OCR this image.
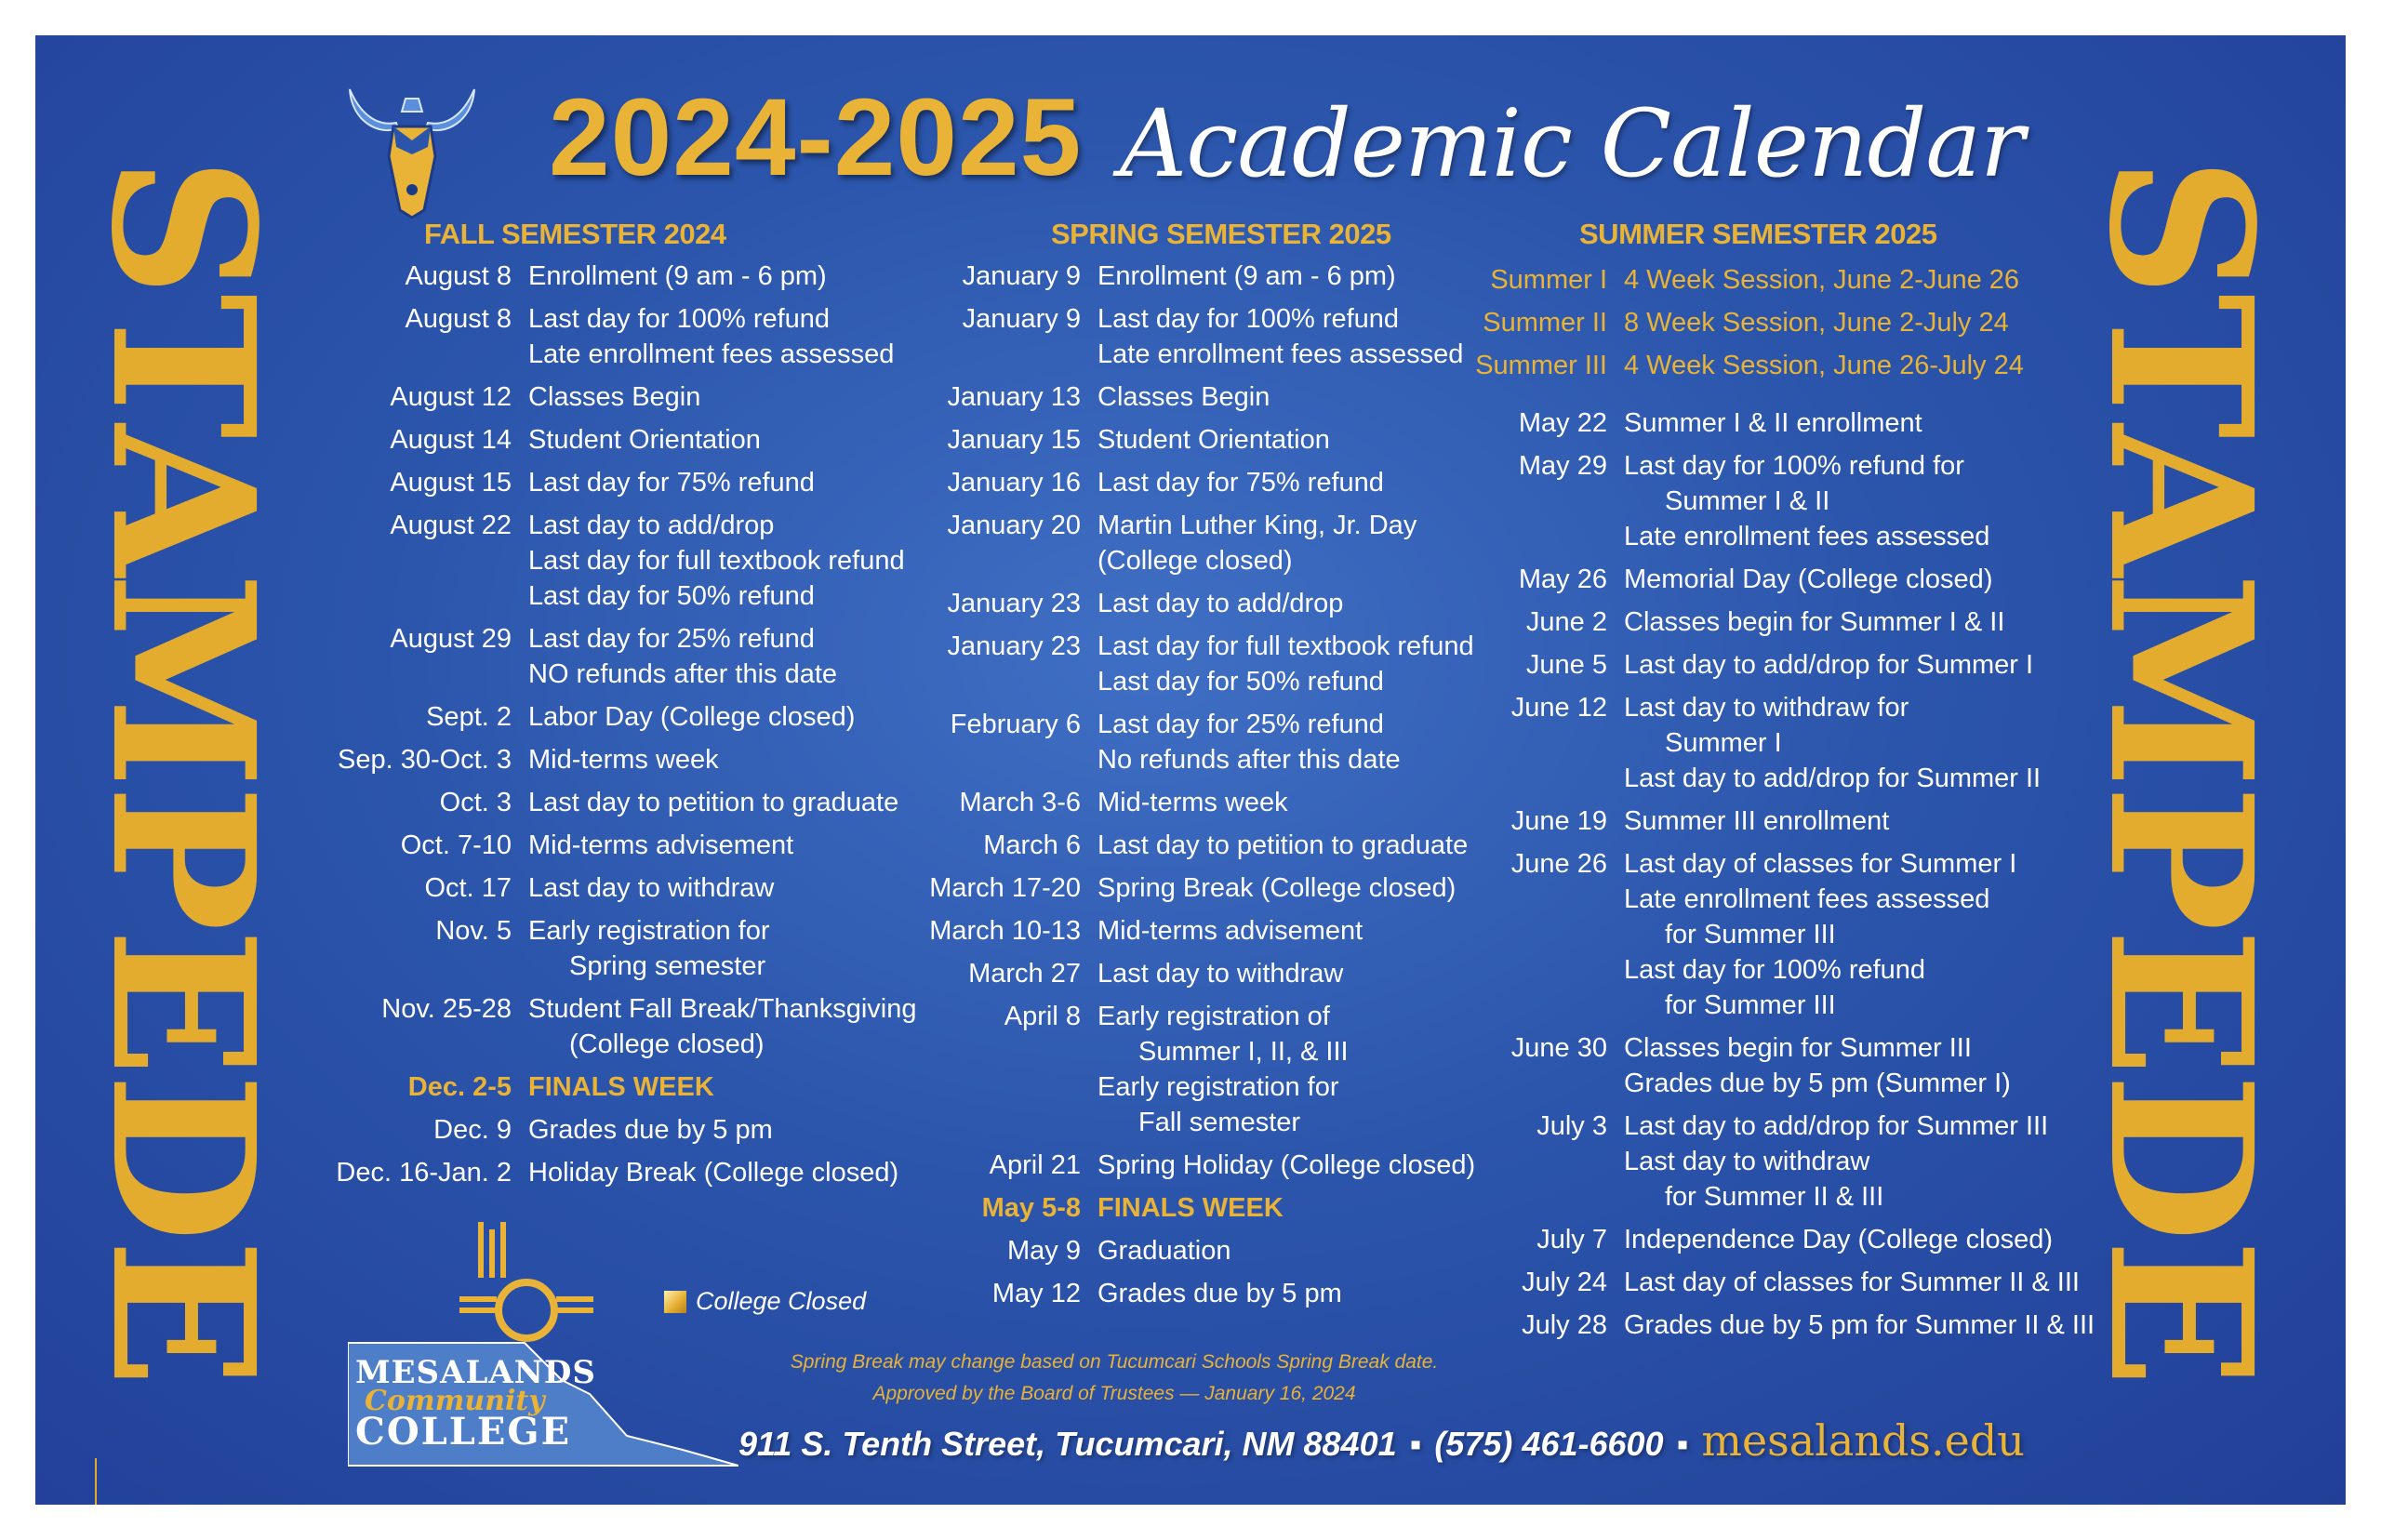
STAMPEDE	STAMPEDE
2024-2025 Academic Calendar
FALL SEMESTER 2024
August 8 Enrollment (9 am - 6 pm)
August 8 Last day for 100% refund
Late enrollment fees assessed
August 12 Classes Begin
August 14 Student Orientation
August 15 Last day for 75% refund
August 22 Last day to add/drop
Last day for full textbook refund
Last day for 50% refund
August 29 Last day for 25% refund
NO refunds after this date
Sept. 2 Labor Day (College closed)
Sep. 30-Oct. 3 Mid-terms week
Oct. 3 Last day to petition to graduate
Oct. 7-10 Mid-terms advisement
Oct. 17 Last day to withdraw
Nov. 5 Early registration for
Spring semester
Nov. 25-28 Student Fall Break/Thanksgiving
(College closed)
Dec. 2-5 FINALS WEEK
Dec. 9 Grades due by 5 pm
Dec. 16-Jan. 2 Holiday Break (College closed)
SPRING SEMESTER 2025
January 9 Enrollment (9 am - 6 pm)
January 9 Last day for 100% refund
Late enrollment fees assessed
January 13 Classes Begin
January 15 Student Orientation
January 16 Last day for 75% refund
January 20 Martin Luther King, Jr. Day
(College closed)
January 23 Last day to add/drop
January 23 Last day for full textbook refund
Last day for 50% refund
February 6 Last day for 25% refund
No refunds after this date
March 3-6 Mid-terms week
March 6 Last day to petition to graduate
March 17-20 Spring Break (College closed)
March 10-13 Mid-terms advisement
March 27 Last day to withdraw
April 8 Early registration of
Summer I, II, & III
Early registration for
Fall semester
April 21 Spring Holiday (College closed)
May 5-8 FINALS WEEK
May 9 Graduation
May 12 Grades due by 5 pm
SUMMER SEMESTER 2025
Summer I 4 Week Session, June 2-June 26
Summer II 8 Week Session, June 2-July 24
Summer III 4 Week Session, June 26-July 24
May 22 Summer I & II enrollment
May 29 Last day for 100% refund for
Summer I & II
Late enrollment fees assessed
May 26 Memorial Day (College closed)
June 2 Classes begin for Summer I & II
June 5 Last day to add/drop for Summer I
June 12 Last day to withdraw for
Summer I
Last day to add/drop for Summer II
June 19 Summer III enrollment
June 26 Last day of classes for Summer I
Late enrollment fees assessed
for Summer III
Last day for 100% refund
for Summer III
June 30 Classes begin for Summer III
Grades due by 5 pm (Summer I)
July 3 Last day to add/drop for Summer III
Last day to withdraw
for Summer II & III
July 7 Independence Day (College closed)
July 24 Last day of classes for Summer II & III
July 28 Grades due by 5 pm for Summer II & III
MESALANDS
Community
COLLEGE
College Closed
Spring Break may change based on Tucumcari Schools Spring Break date.
Approved by the Board of Trustees — January 16, 2024
911 S. Tenth Street, Tucumcari, NM 88401 ▪ (575) 461-6600 ▪ mesalands.edu
